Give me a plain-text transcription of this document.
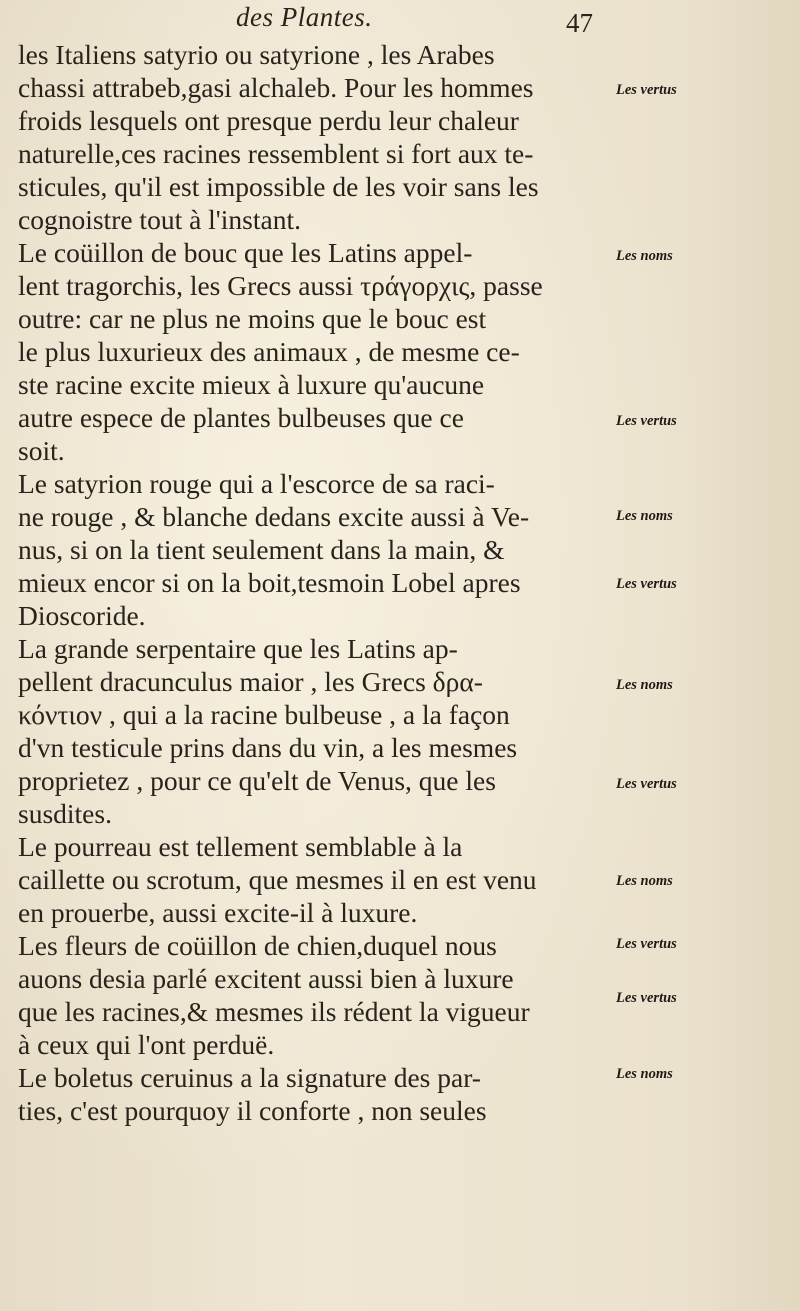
des Plantes.	47
les Italiens satyrio ou satyrione , les Arabes
chassi attrabeb,gasi alchaleb. Pour les hommes
froids lesquels ont presque perdu leur chaleur
naturelle,ces racines ressemblent si fort aux te-
sticules, qu'il est impossible de les voir sans les
cognoistre tout à l'instant.
Le coüillon de bouc que les Latins appel-
lent tragorchis, les Grecs aussi τράγορχις, passe
outre: car ne plus ne moins que le bouc est
le plus luxurieux des animaux , de mesme ce-
ste racine excite mieux à luxure qu'aucune
autre espece de plantes bulbeuses que ce
soit.
Le satyrion rouge qui a l'escorce de sa raci-
ne rouge , & blanche dedans excite aussi à Ve-
nus, si on la tient seulement dans la main, &
mieux encor si on la boit,tesmoin Lobel apres
Dioscoride.
La grande serpentaire que les Latins ap-
pellent dracunculus maior , les Grecs δρα-
κόντιον , qui a la racine bulbeuse , a la façon
d'vn testicule prins dans du vin, a les mesmes
proprietez , pour ce qu'elt de Venus, que les
susdites.
Le pourreau est tellement semblable à la
caillette ou scrotum, que mesmes il en est venu
en prouerbe, aussi excite-il à luxure.
Les fleurs de coüillon de chien,duquel nous
auons desia parlé excitent aussi bien à luxure
que les racines,& mesmes ils rédent la vigueur
à ceux qui l'ont perduë.
Le boletus ceruinus a la signature des par-
ties, c'est pourquoy il conforte , non seules
Les vertus
Les noms
Les vertus
Les noms
Les vertus
Les noms
Les vertus
Les noms
Les vertus
Les vertus
Les noms
